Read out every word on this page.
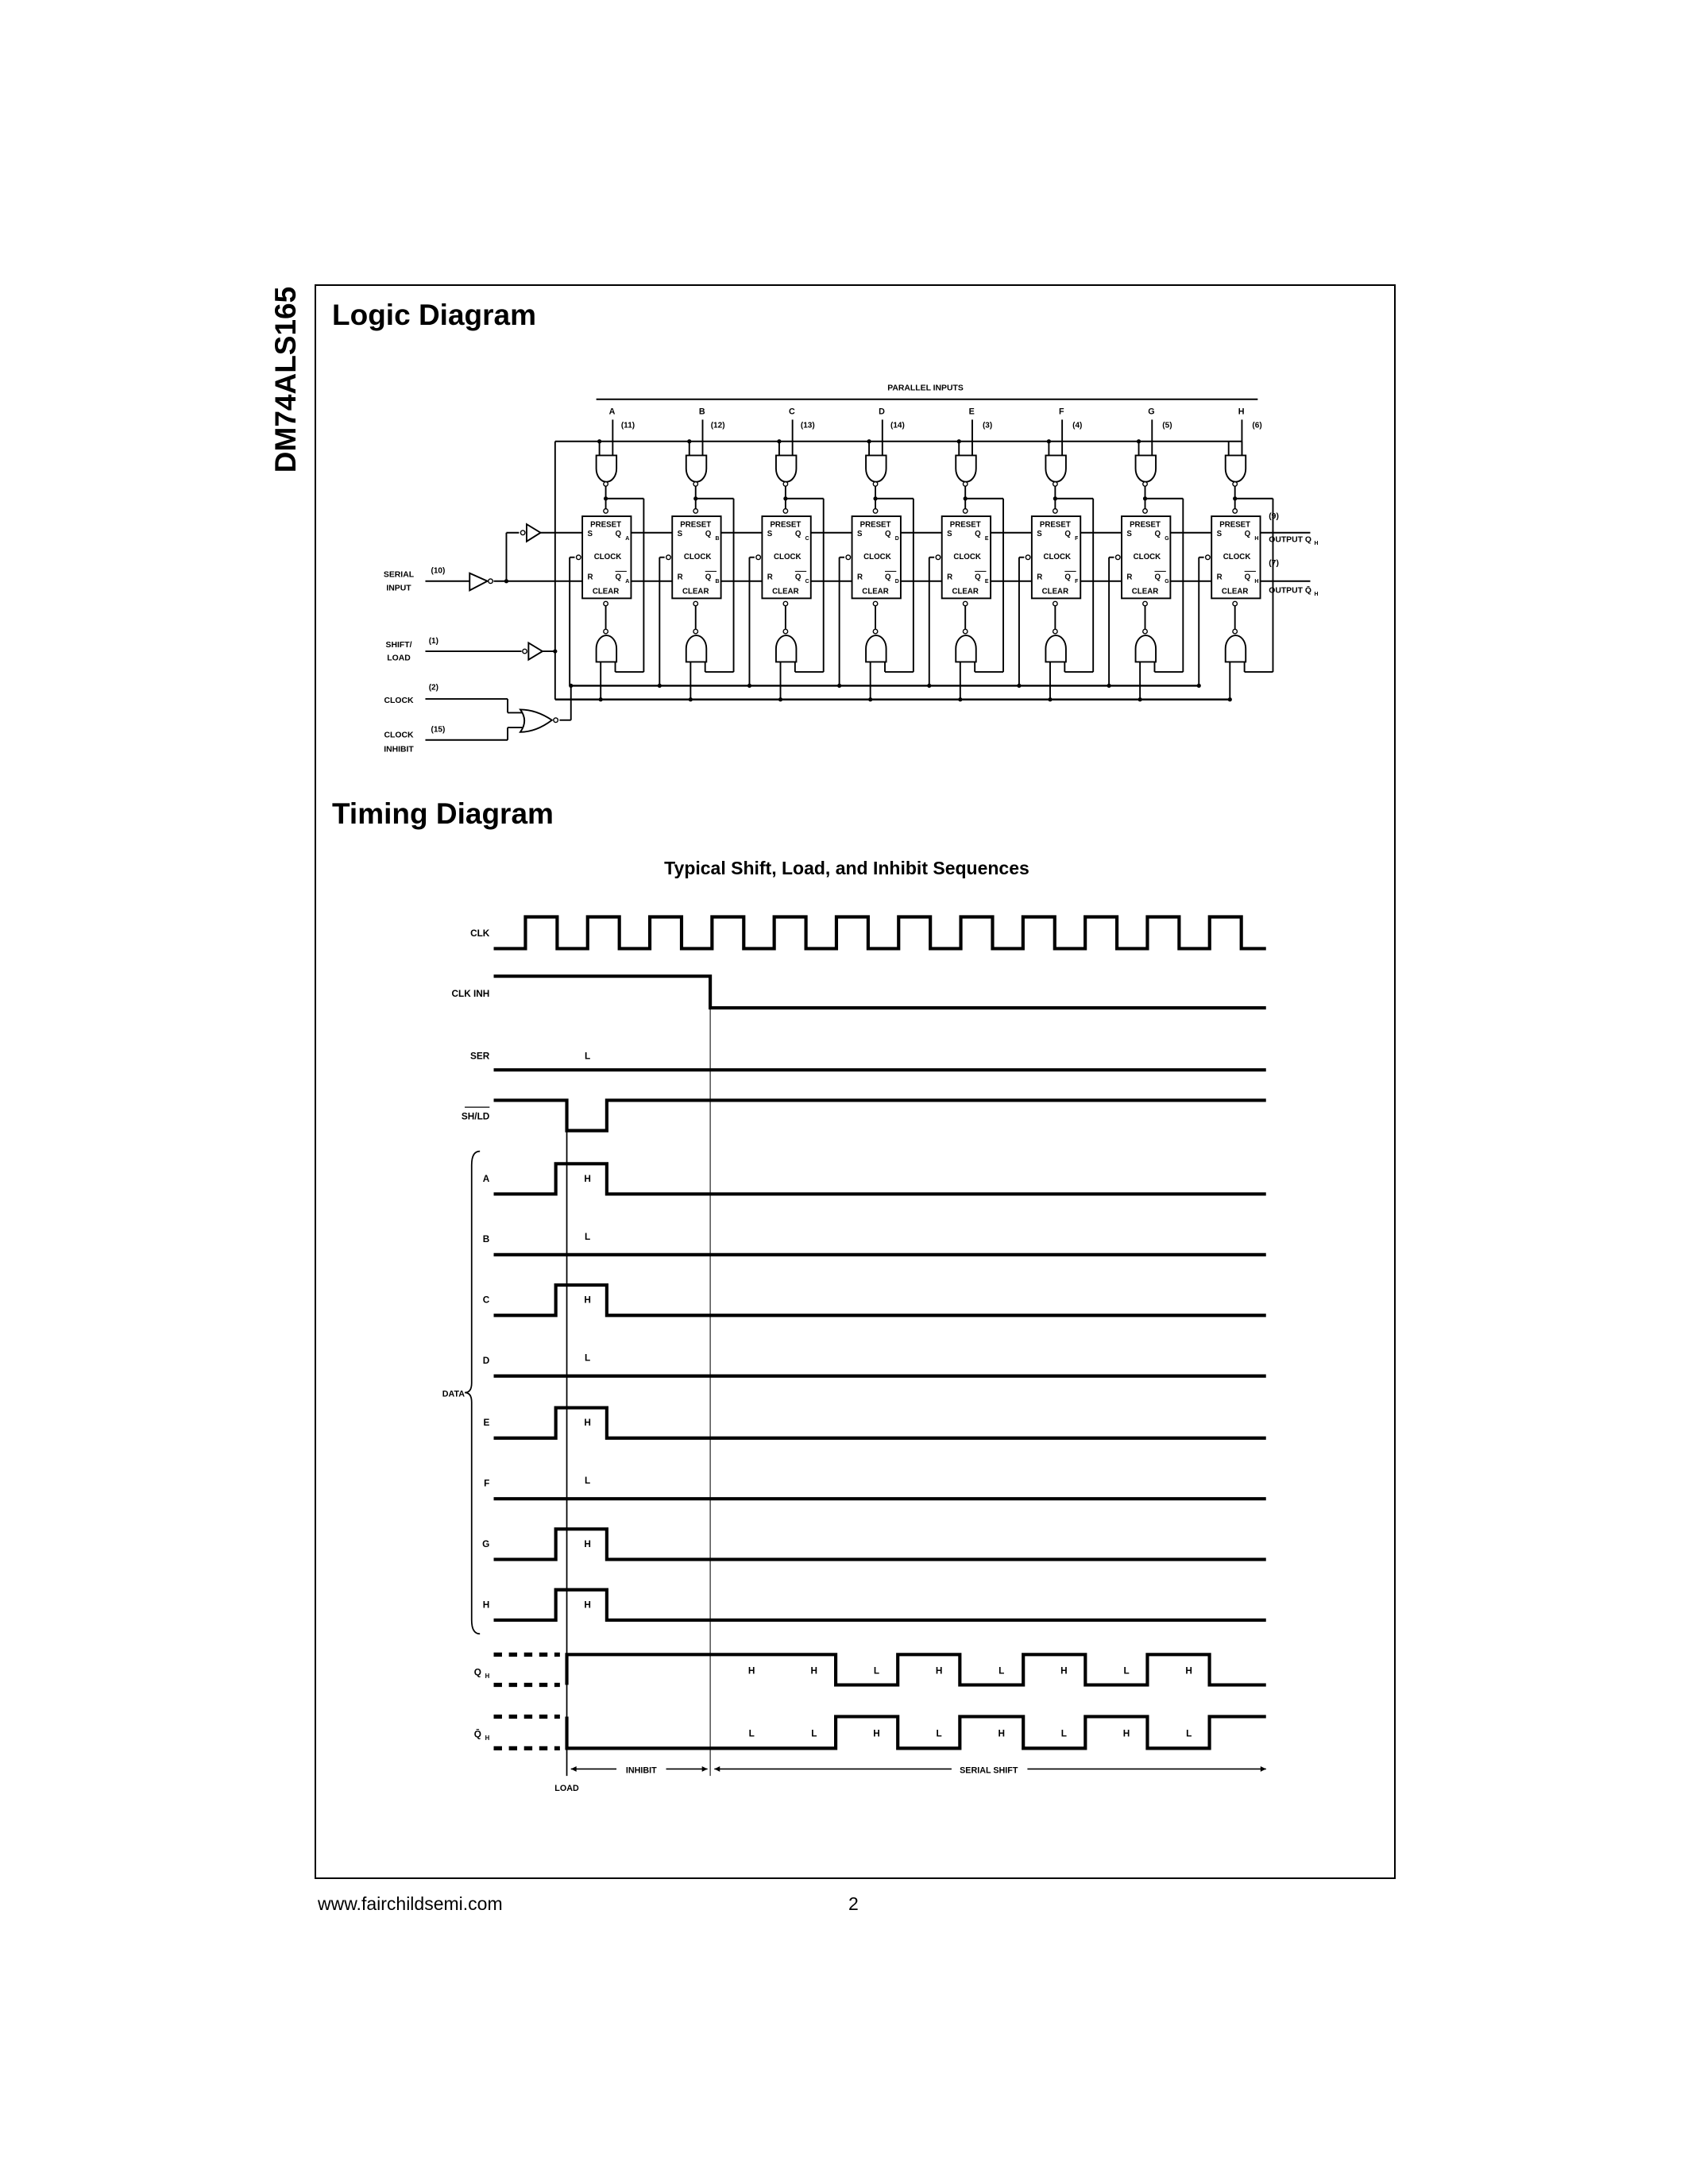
DM74ALS165 Logic Diagram
Timing Diagram
Typical Shift, Load, and Inhibit Sequences
www.fairchildsemi.com	2
PARALLEL INPUTS
A
(11)
PRESET
S	Q
CLOCK
R	Q
A
A
CLEAR
B
(12)
PRESET
S	Q
CLOCK
R	Q
B
B
CLEAR
C
(13)
PRESET
S	Q
CLOCK
R	Q
C
C
CLEAR
D
(14)
PRESET
S	Q
CLOCK
R	Q
D
D
CLEAR
E
(3)
PRESET
S	Q
CLOCK
R	Q
E
E
CLEAR
F
(4)
PRESET
S	Q
CLOCK
R	Q
F
F
CLEAR
G
(5)
PRESET
S	Q
CLOCK
R	Q
G
G
CLEAR
H
(6)
PRESET
S	Q
CLOCK
R	Q
H
H
CLEAR
SERIAL
INPUT
(10)
SHIFT/
LOAD
(1)
CLOCK
(2)
CLOCK
INHIBIT
(15)
(9)
OUTPUT Q H
(7)
OUTPUT Q̄ H
CLK
CLK INH
SER	L
SH/LD
A	H
B	L
C	H
D	L
E	H
F	L
G	H
H	H
DATA
H	H	L	H	L	H	L	H
L	L	H	L	H	L	H	L
Q H
Q̄ H
INHIBIT	SERIAL SHIFT
LOAD
